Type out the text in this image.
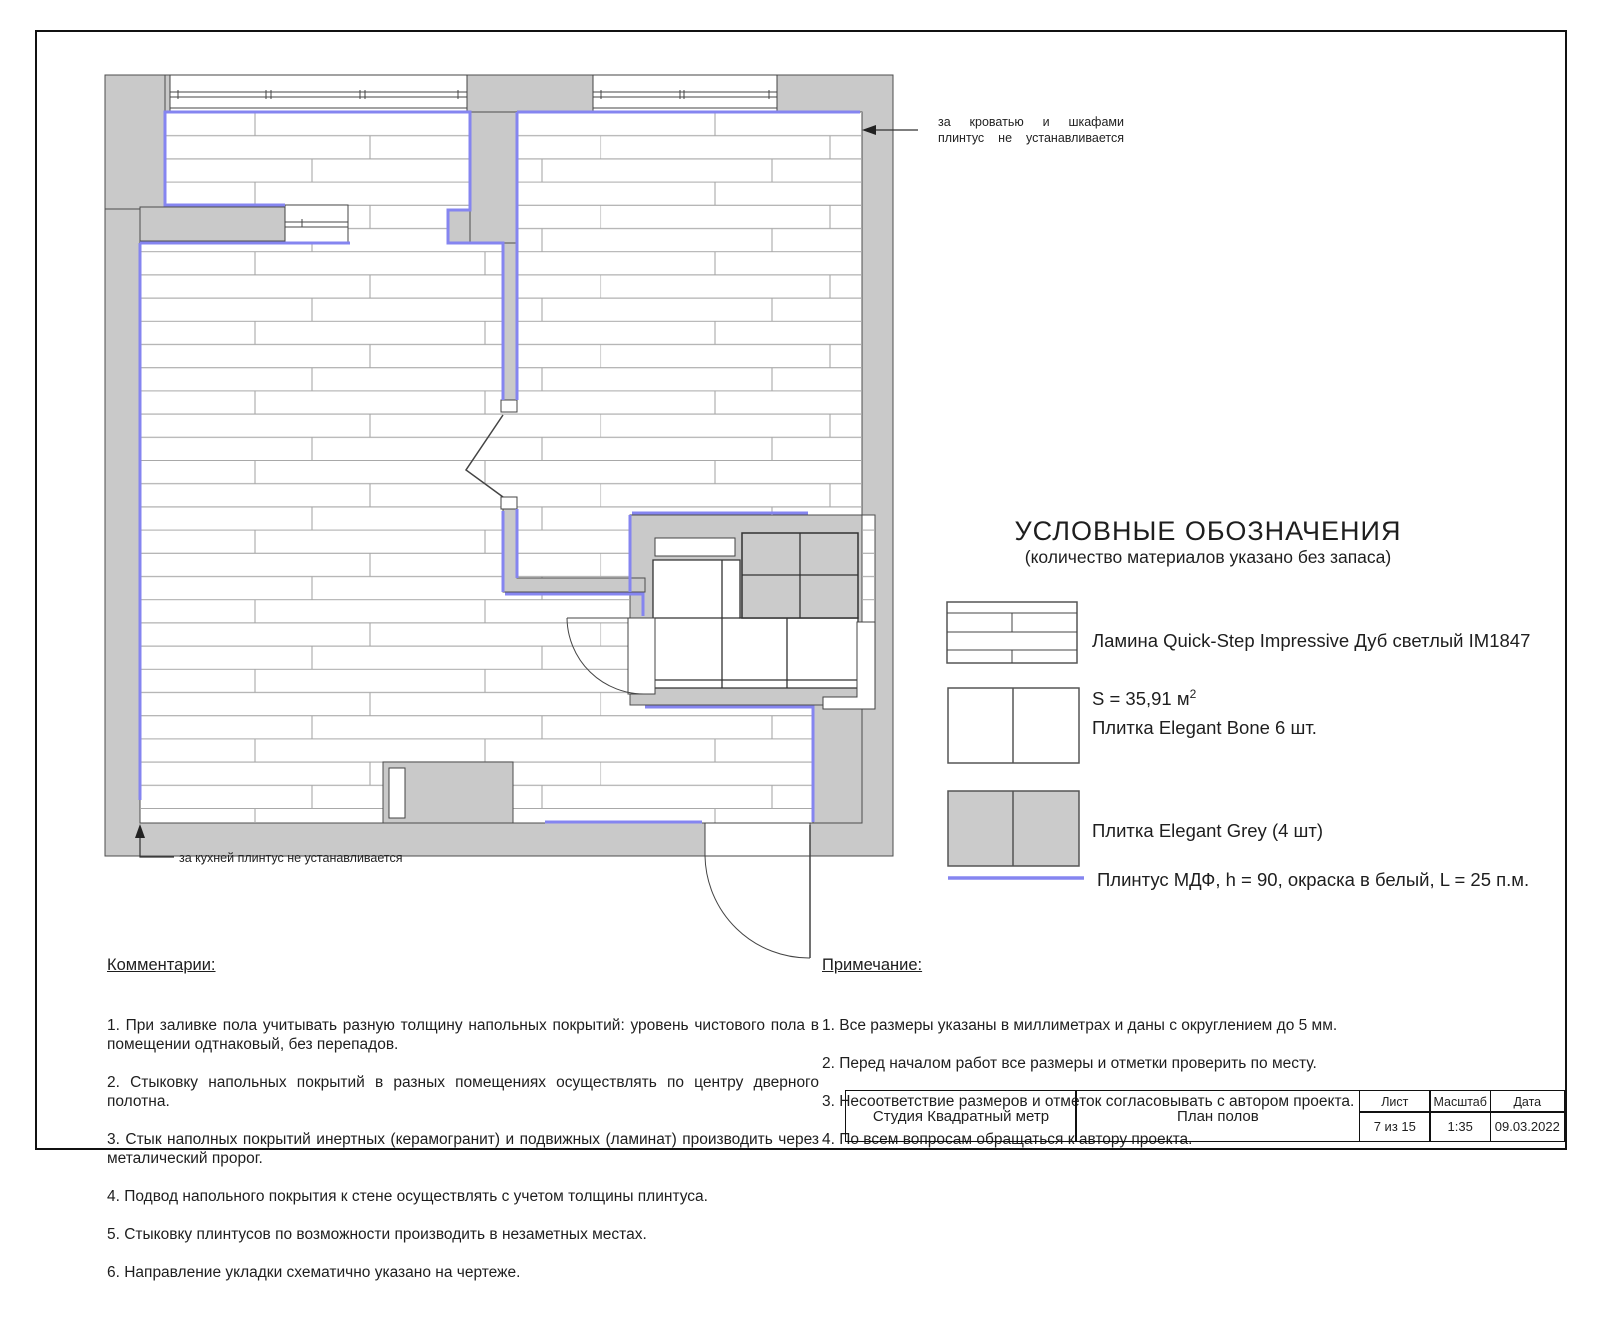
за кроватью и шкафами плинтус не устанавливается
за кухней плинтус не устанавливается
УСЛОВНЫЕ ОБОЗНАЧЕНИЯ
(количество материалов указано без запаса)

Ламина Quick-Step Impressive Дуб светлый IM1847

S = 35,91 $м^2$

Плитка Elegant Bone 6 шт.
Плитка Elegant Grey (4 шт)
Плинтус МДФ, h = 90, окраска в белый, L = 25 п.м.

Комментарии:

1. При заливке пола учитывать разную толщину напольных покрытий: уровень чистового пола в помещении одтнаковый, без перепадов.

2. Стыковку напольных покрытий в разных помещениях осуществлять по центру дверного полотна.

3. Стык наполных покрытий инертных (керамогранит) и подвижных (ламинат) производить через металический пророг.

4. Подвод напольного покрытия к стене осуществлять с учетом толщины плинтуса.

5. Стыковку плинтусов по возможности производить в незаметных местах.

6. Направление укладки схематично указано на чертеже.

Примечание:

1. Все размеры указаны в миллиметрах и даны с округлением до 5 мм.

2. Перед началом работ все размеры и отметки проверить по месту.

3. Несоответствие размеров и отметок согласовывать с автором проекта.

4. По всем вопросам обращаться к автору проекта.

Студия Квадратный метр	План полов
Лист
7 из 15
Масштаб
1:35
Дата
09.03.2022
